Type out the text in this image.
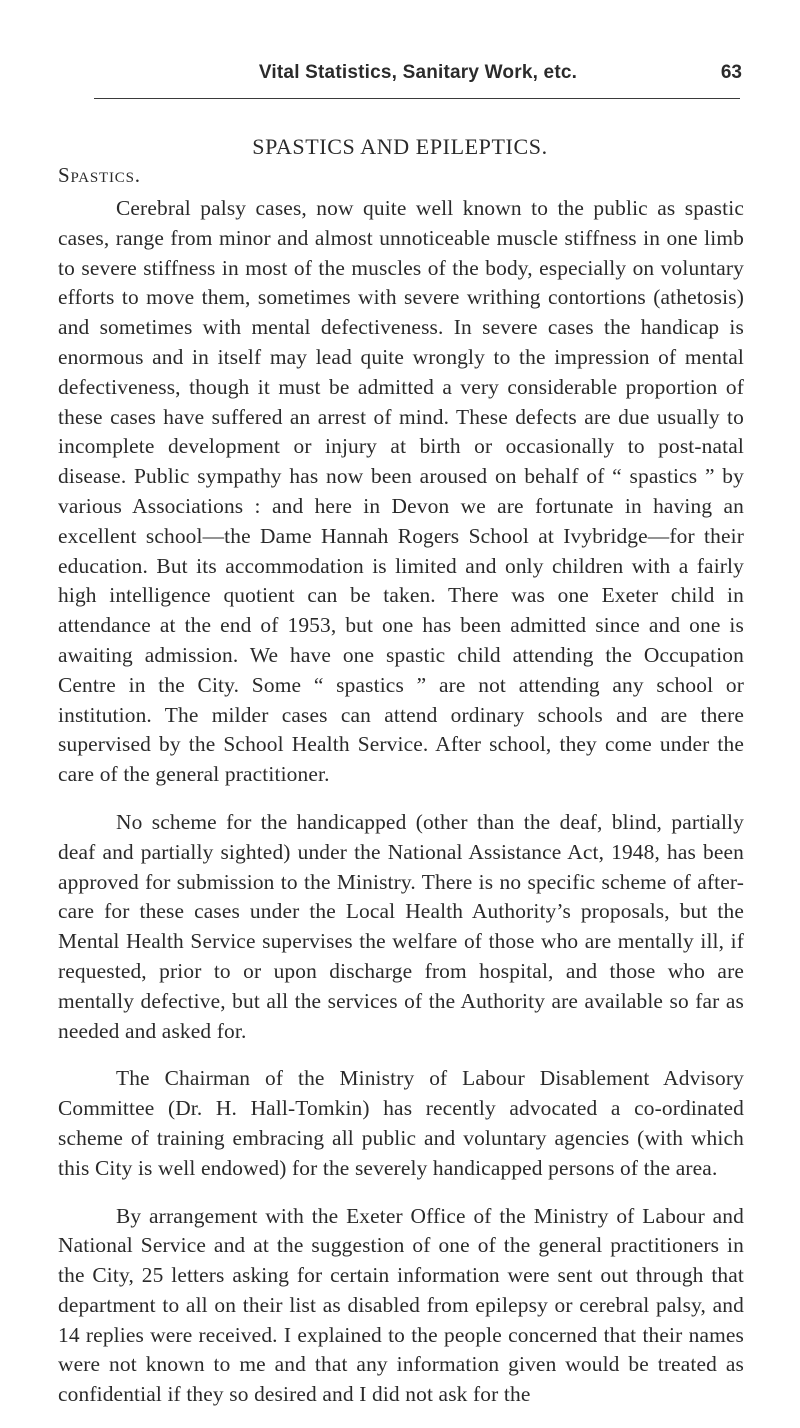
Vital Statistics, Sanitary Work, etc.	63
SPASTICS AND EPILEPTICS.
Spastics.

Cerebral palsy cases, now quite well known to the public as spastic cases, range from minor and almost unnoticeable muscle stiffness in one limb to severe stiffness in most of the muscles of the body, especially on voluntary efforts to move them, sometimes with severe writhing contortions (athetosis) and sometimes with mental defectiveness. In severe cases the handicap is enormous and in itself may lead quite wrongly to the impression of mental defectiveness, though it must be admitted a very considerable proportion of these cases have suffered an arrest of mind. These defects are due usually to incomplete development or injury at birth or occasionally to post-natal disease. Public sympathy has now been aroused on behalf of “ spastics ” by various Associations : and here in Devon we are fortunate in having an excellent school—the Dame Hannah Rogers School at Ivybridge—for their education. But its accommodation is limited and only children with a fairly high intelligence quotient can be taken. There was one Exeter child in attendance at the end of 1953, but one has been admitted since and one is awaiting admission. We have one spastic child attending the Occupation Centre in the City. Some “ spastics ” are not attending any school or institution. The milder cases can attend ordinary schools and are there supervised by the School Health Service. After school, they come under the care of the general practitioner.

No scheme for the handicapped (other than the deaf, blind, partially deaf and partially sighted) under the National Assistance Act, 1948, has been approved for submission to the Ministry. There is no specific scheme of after-care for these cases under the Local Health Authority’s proposals, but the Mental Health Service supervises the welfare of those who are mentally ill, if requested, prior to or upon discharge from hospital, and those who are mentally defective, but all the services of the Authority are available so far as needed and asked for.

The Chairman of the Ministry of Labour Disablement Advisory Committee (Dr. H. Hall-Tomkin) has recently advocated a co-ordinated scheme of training embracing all public and voluntary agencies (with which this City is well endowed) for the severely handicapped persons of the area.

By arrangement with the Exeter Office of the Ministry of Labour and National Service and at the suggestion of one of the general practitioners in the City, 25 letters asking for certain information were sent out through that department to all on their list as disabled from epilepsy or cerebral palsy, and 14 replies were received. I explained to the people concerned that their names were not known to me and that any information given would be treated as confidential if they so desired and I did not ask for the
